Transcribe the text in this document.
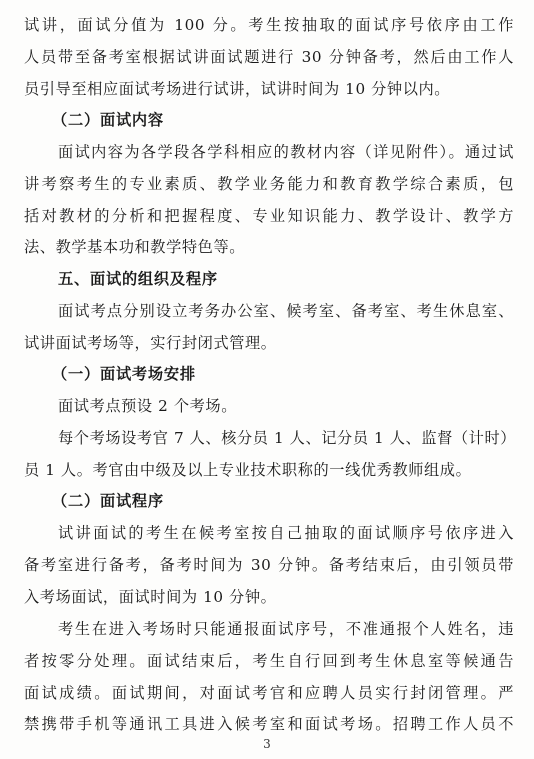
试讲，面试分值为 100 分。考生按抽取的面试序号依序由工作
人员带至备考室根据试讲面试题进行 30 分钟备考，然后由工作人
员引导至相应面试考场进行试讲，试讲时间为 10 分钟以内。
（二）面试内容
面试内容为各学段各学科相应的教材内容（详见附件）。通过试
讲考察考生的专业素质、教学业务能力和教育教学综合素质，包
括对教材的分析和把握程度、专业知识能力、教学设计、教学方
法、教学基本功和教学特色等。
五、面试的组织及程序
面试考点分别设立考务办公室、候考室、备考室、考生休息室、
试讲面试考场等，实行封闭式管理。
（一）面试考场安排
面试考点预设 2 个考场。
每个考场设考官 7 人、核分员 1 人、记分员 1 人、监督（计时）
员 1 人。考官由中级及以上专业技术职称的一线优秀教师组成。
（二）面试程序
试讲面试的考生在候考室按自己抽取的面试顺序号依序进入
备考室进行备考，备考时间为 30 分钟。备考结束后，由引领员带
入考场面试，面试时间为 10 分钟。
考生在进入考场时只能通报面试序号，不准通报个人姓名，违
者按零分处理。面试结束后，考生自行回到考生休息室等候通告
面试成绩。面试期间，对面试考官和应聘人员实行封闭管理。严
禁携带手机等通讯工具进入候考室和面试考场。招聘工作人员不
3
